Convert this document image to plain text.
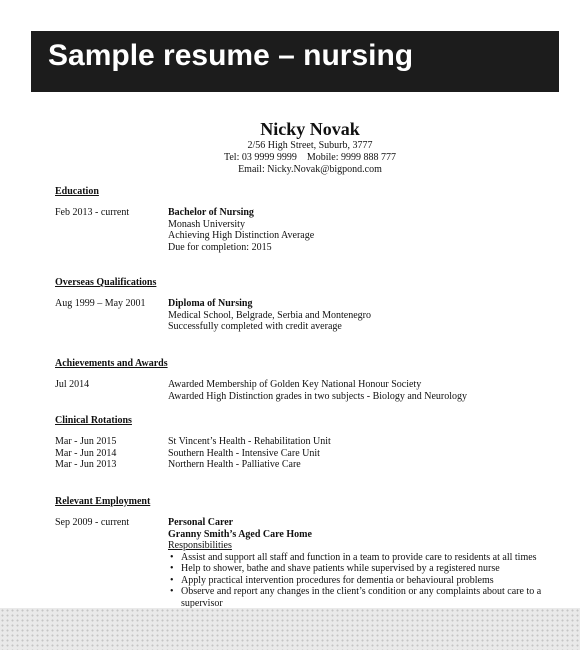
Sample resume – nursing
Nicky Novak
2/56 High Street, Suburb, 3777
Tel: 03 9999 9999    Mobile: 9999 888 777
Email: Nicky.Novak@bigpond.com
Education
Feb 2013 - current	Bachelor of Nursing
Monash University
Achieving High Distinction Average
Due for completion: 2015
Overseas Qualifications
Aug 1999 – May 2001	Diploma of Nursing
Medical School, Belgrade, Serbia and Montenegro
Successfully completed with credit average
Achievements and Awards
Jul 2014	Awarded Membership of Golden Key National Honour Society
Awarded High Distinction grades in two subjects - Biology and Neurology
Clinical Rotations
Mar - Jun 2015	St Vincent’s Health - Rehabilitation Unit
Mar - Jun 2014	Southern Health - Intensive Care Unit
Mar - Jun 2013	Northern Health - Palliative Care
Relevant Employment
Sep 2009 - current	Personal Carer
Granny Smith’s Aged Care Home
Responsibilities
• Assist and support all staff and function in a team to provide care to residents at all times
• Help to shower, bathe and shave patients while supervised by a registered nurse
• Apply practical intervention procedures for dementia or behavioural problems
• Observe and report any changes in the client’s condition or any complaints about care to a
supervisor
